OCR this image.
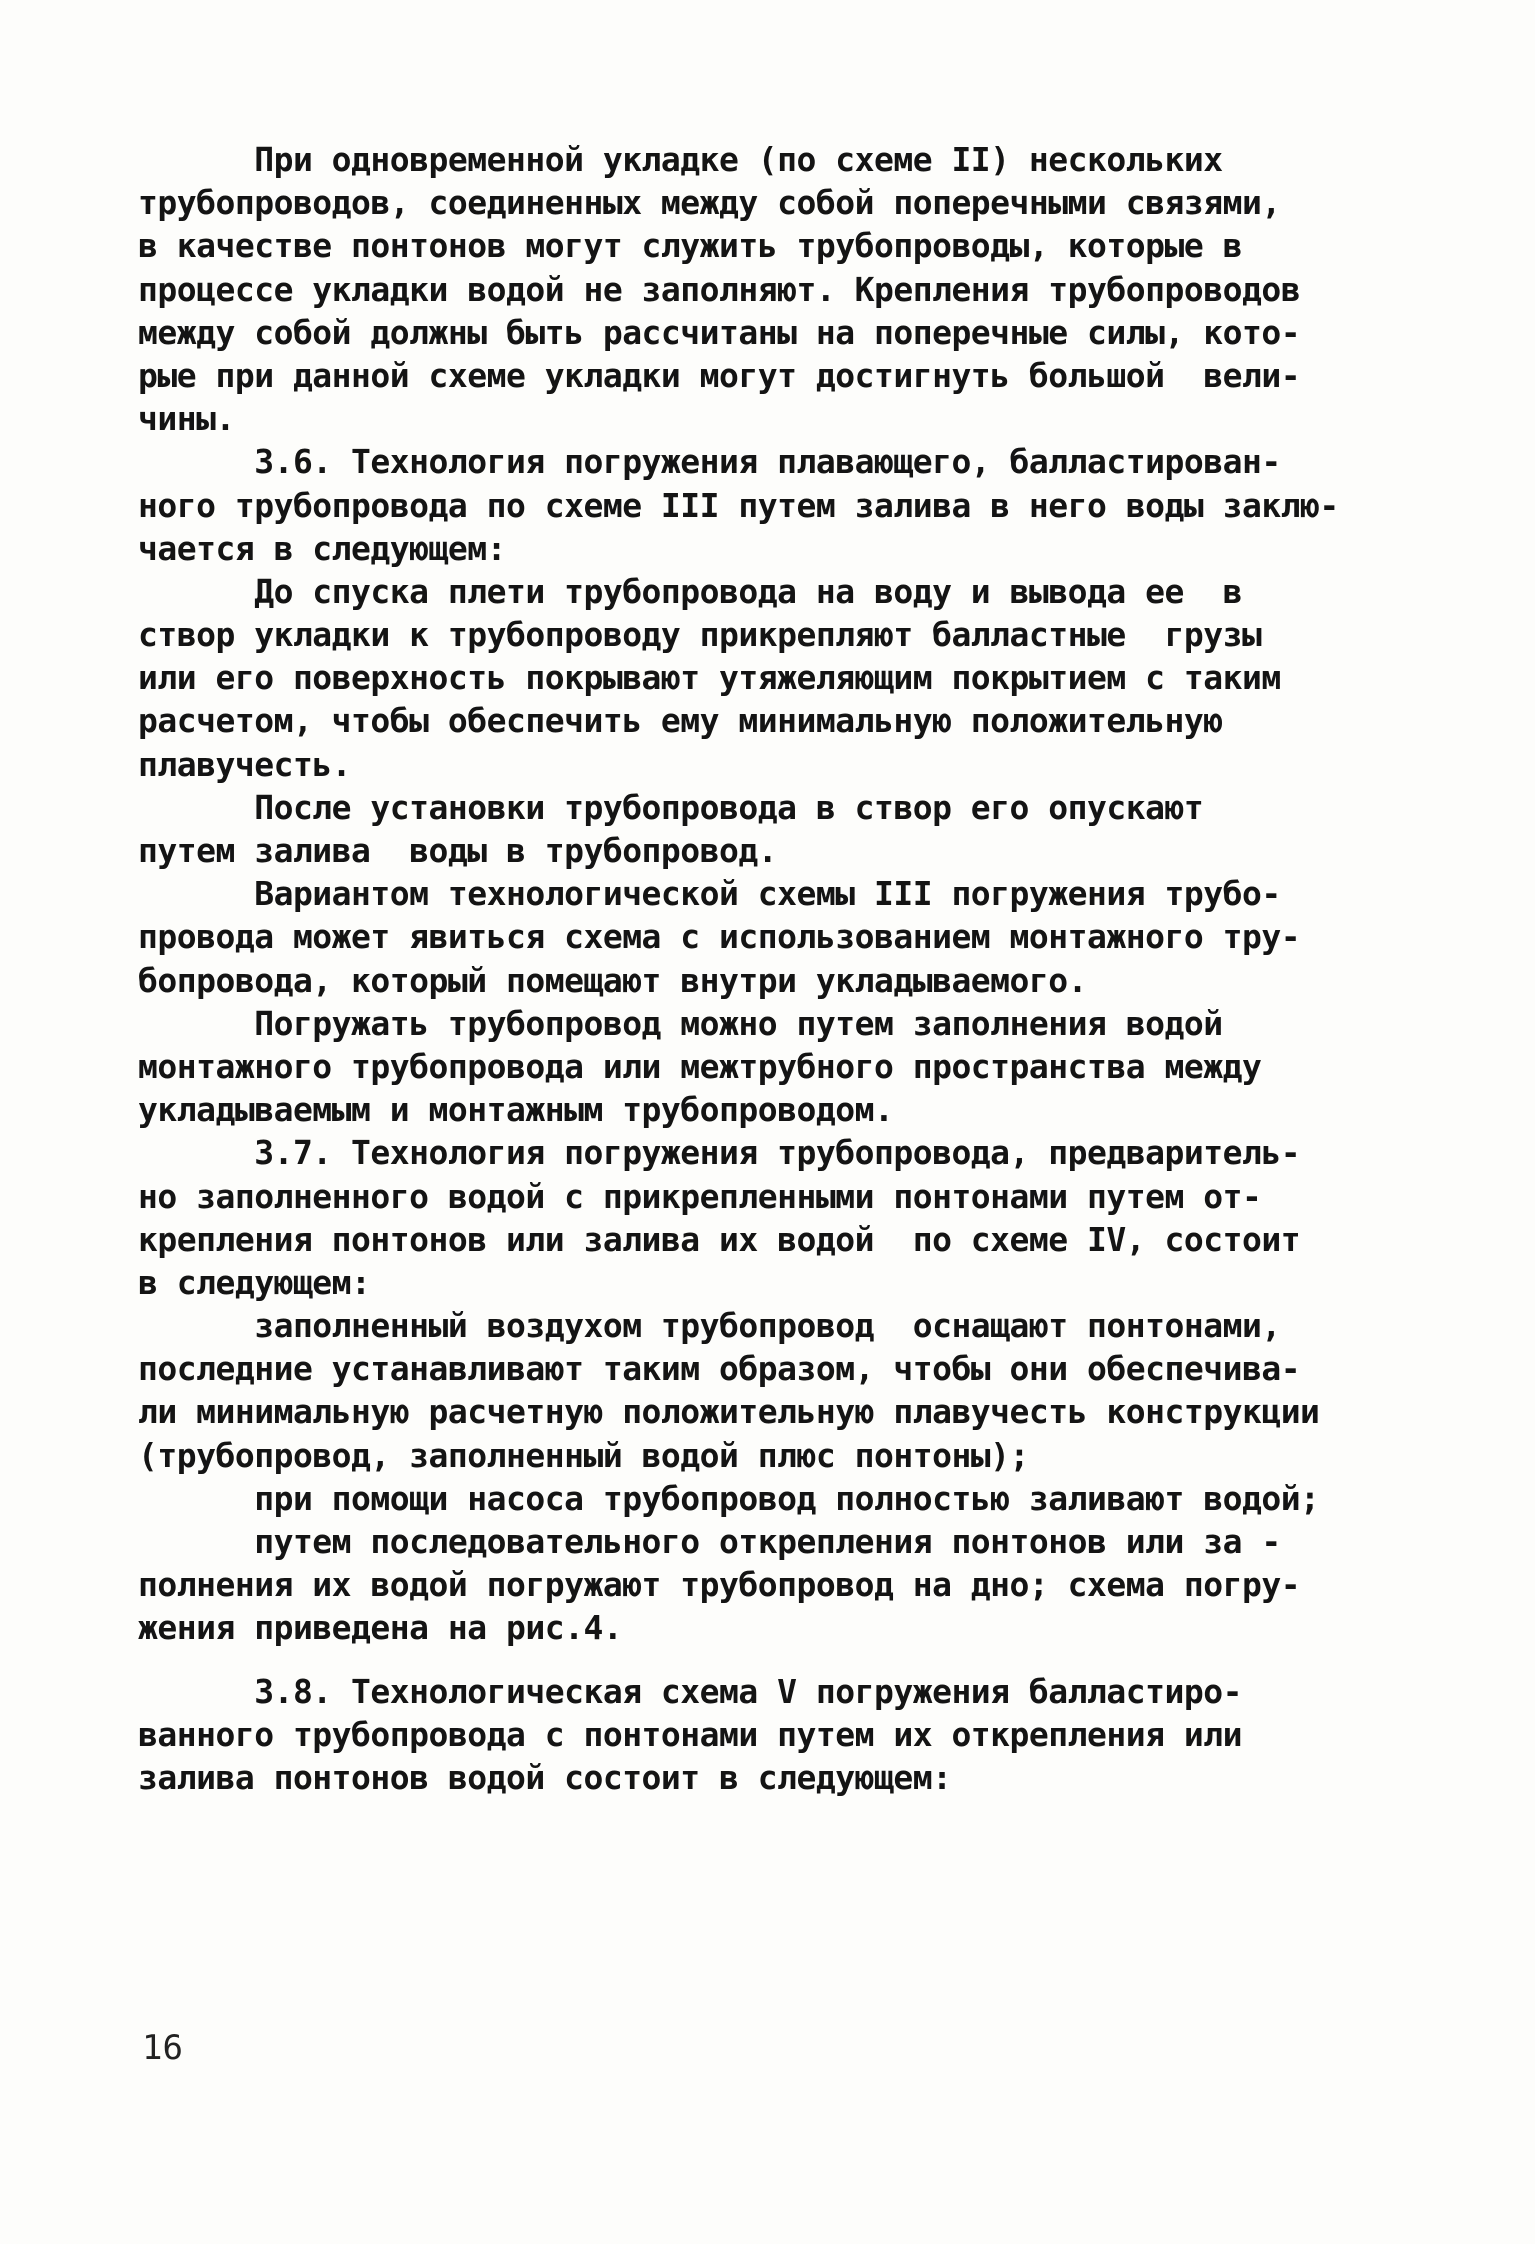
При одновременной укладке (по схеме II) нескольких
трубопроводов, соединенных между собой поперечными связями,
в качестве понтонов могут служить трубопроводы, которые в
процессе укладки водой не заполняют. Крепления трубопроводов
между собой должны быть рассчитаны на поперечные силы, кото-
рые при данной схеме укладки могут достигнуть большой  вели-
чины.
3.6. Технология погружения плавающего, балластирован-
ного трубопровода по схеме III путем залива в него воды заклю-
чается в следующем:
До спуска плети трубопровода на воду и вывода ее  в
створ укладки к трубопроводу прикрепляют балластные  грузы
или его поверхность покрывают утяжеляющим покрытием с таким
расчетом, чтобы обеспечить ему минимальную положительную
плавучесть.
После установки трубопровода в створ его опускают
путем залива  воды в трубопровод.
Вариантом технологической схемы III погружения трубо-
провода может явиться схема с использованием монтажного тру-
бопровода, который помещают внутри укладываемого.
Погружать трубопровод можно путем заполнения водой
монтажного трубопровода или межтрубного пространства между
укладываемым и монтажным трубопроводом.
3.7. Технология погружения трубопровода, предваритель-
но заполненного водой с прикрепленными понтонами путем от-
крепления понтонов или залива их водой  по схеме IV, состоит
в следующем:
заполненный воздухом трубопровод  оснащают понтонами,
последние устанавливают таким образом, чтобы они обеспечива-
ли минимальную расчетную положительную плавучесть конструкции
(трубопровод, заполненный водой плюс понтоны);
при помощи насоса трубопровод полностью заливают водой;
путем последовательного открепления понтонов или за -
полнения их водой погружают трубопровод на дно; схема погру-
жения приведена на рис.4.
3.8. Технологическая схема V погружения балластиро-
ванного трубопровода с понтонами путем их открепления или
залива понтонов водой состоит в следующем:
16
